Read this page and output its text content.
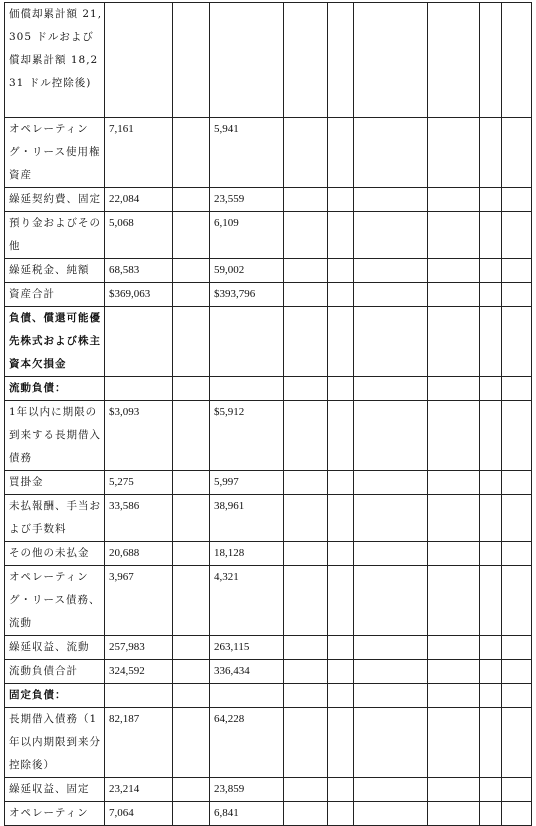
価償却累計額 21,305 ドルおよび償却累計額 18,231 ドル控除後)									
オペレーティング・リース使用権資産	7,161		5,941						
繰延契約費、固定	22,084		23,559						
預り金およびその他	5,068		6,109						
繰延税金、純額	68,583		59,002						
資産合計	$369,063		$393,796						
負債、償還可能優先株式および株主資本欠損金									
流動負債：									
1年以内に期限の到来する長期借入債務	$3,093		$5,912						
買掛金	5,275		5,997						
未払報酬、手当および手数料	33,586		38,961						
その他の未払金	20,688		18,128						
オペレーティング・リース債務、流動	3,967		4,321						
繰延収益、流動	257,983		263,115						
流動負債合計	324,592		336,434						
固定負債：									
長期借入債務（1年以内期限到来分控除後）	82,187		64,228						
繰延収益、固定	23,214		23,859						
オペレーティン	7,064		6,841						
